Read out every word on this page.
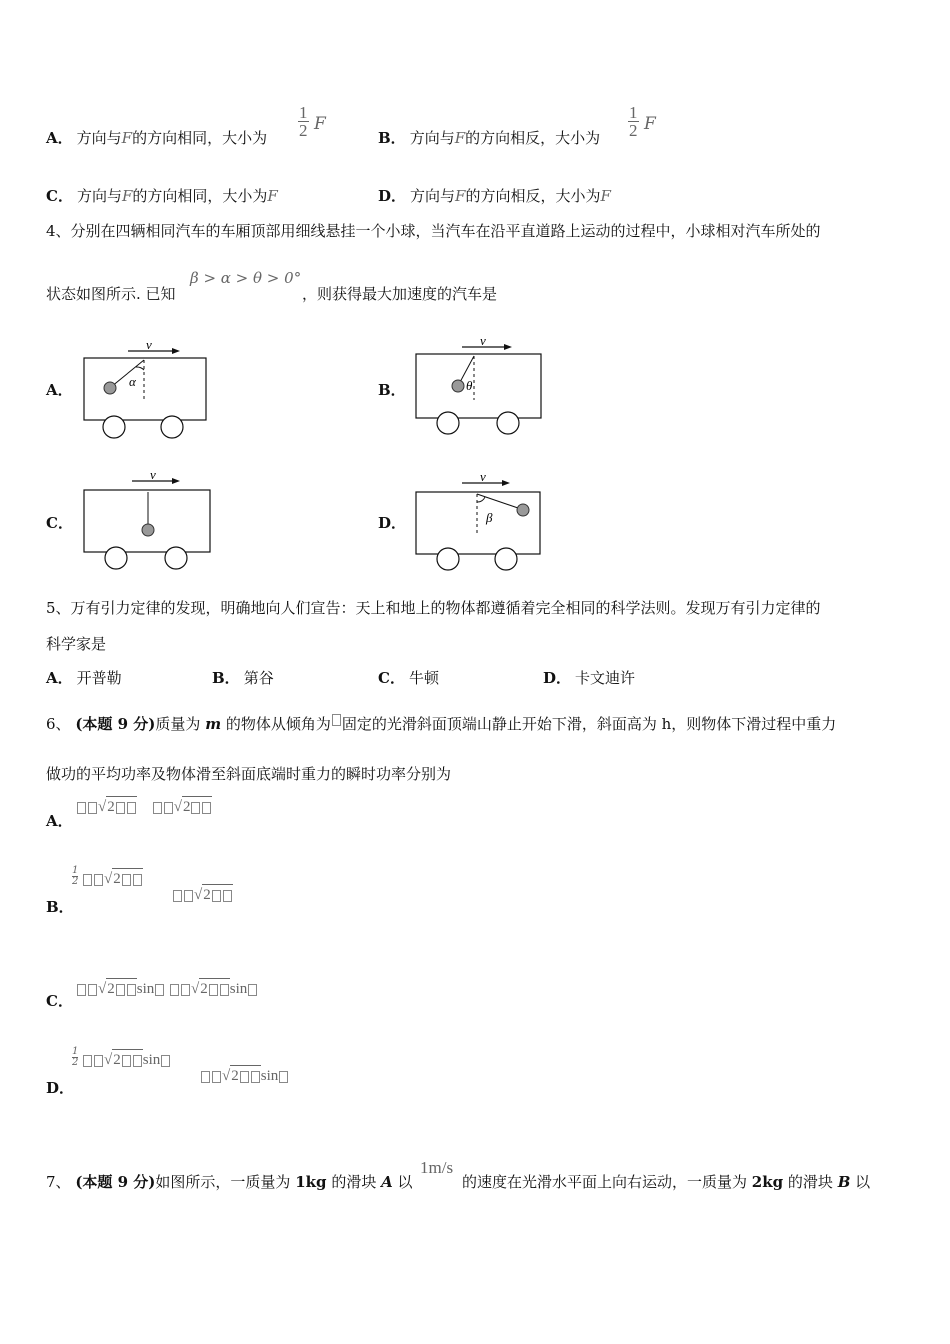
A． 方向与F的方向相同，大小为 $\frac{1}{2}$ F
B． 方向与F的方向相反，大小为 $\frac{1}{2}$ F
C． 方向与F的方向相同，大小为F	D． 方向与F的方向相反，大小为F
4、分别在四辆相同汽车的车厢顶部用细线悬挂一个小球，当汽车在沿平直道路上运动的过程中，小球相对汽车所处的
状态如图所示. 已知
β > α > θ > 0°
，则获得最大加速度的汽车是
A．	B．
C．	D．
v
α
v
θ
v	v
β
5、万有引力定律的发现，明确地向人们宣告：天上和地上的物体都遵循着完全相同的科学法则。发现万有引力定律的
科学家是
A． 开普勒	B． 第谷	C． 牛顿	D． 卡文迪许
6、 (本题 9 分)质量为 m 的物体从倾角为 固定的光滑斜面顶端山静止开始下滑，斜面高为 h，则物体下滑过程中重力
做功的平均功率及物体滑至斜面底端时重力的瞬时功率分别为
A．
√2	√2
B．
$\frac{1}{2}$	√2
√2
C．
√2 sin √2 sin
D．
$\frac{1}{2}$	√2 sin
√2 sin
7、 (本题 9 分)如图所示，一质量为 1kg 的滑块 A 以
1m/s
的速度在光滑水平面上向右运动，一质量为 2kg 的滑块 B 以
